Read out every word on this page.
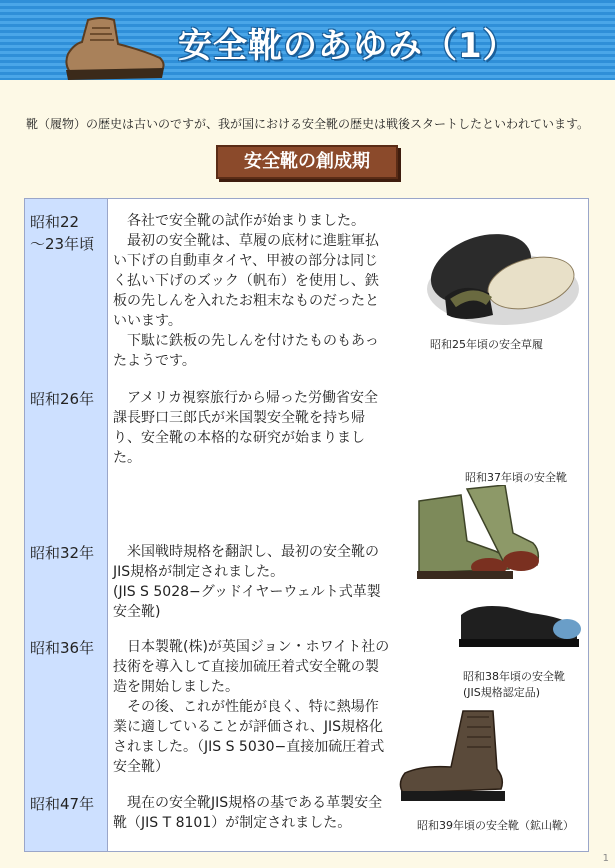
安全靴のあゆみ（1）
靴（履物）の歴史は古いのですが、我が国における安全靴の歴史は戦後スタートしたといわれています。
安全靴の創成期
昭和22
～23年頃
　各社で安全靴の試作が始まりました。
　最初の安全靴は、草履の底材に進駐軍払い下げの自動車タイヤ、甲被の部分は同じく払い下げのズック（帆布）を使用し、鉄板の先しんを入れたお粗末なものだったといいます。
　下駄に鉄板の先しんを付けたものもあったようです。
昭和26年 　アメリカ視察旅行から帰った労働省安全課長野口三郎氏が米国製安全靴を持ち帰り、安全靴の本格的な研究が始まりました。
昭和32年 　米国戦時規格を翻訳し、最初の安全靴のJIS規格が制定されました。
(JIS S 5028−グッドイヤーウェルト式革製安全靴)
昭和36年 　日本製靴(株)が英国ジョン・ホワイト社の技術を導入して直接加硫圧着式安全靴の製造を開始しました。
　その後、これが性能が良く、特に熱場作業に適していることが評価され、JIS規格化されました。（JIS S 5030−直接加硫圧着式安全靴）
昭和47年 　現在の安全靴JIS規格の基である革製安全靴（JIS T 8101）が制定されました。
昭和25年頃の安全草履
昭和37年頃の安全靴
昭和38年頃の安全靴
(JIS規格認定品)
昭和39年頃の安全靴（鉱山靴）
1
